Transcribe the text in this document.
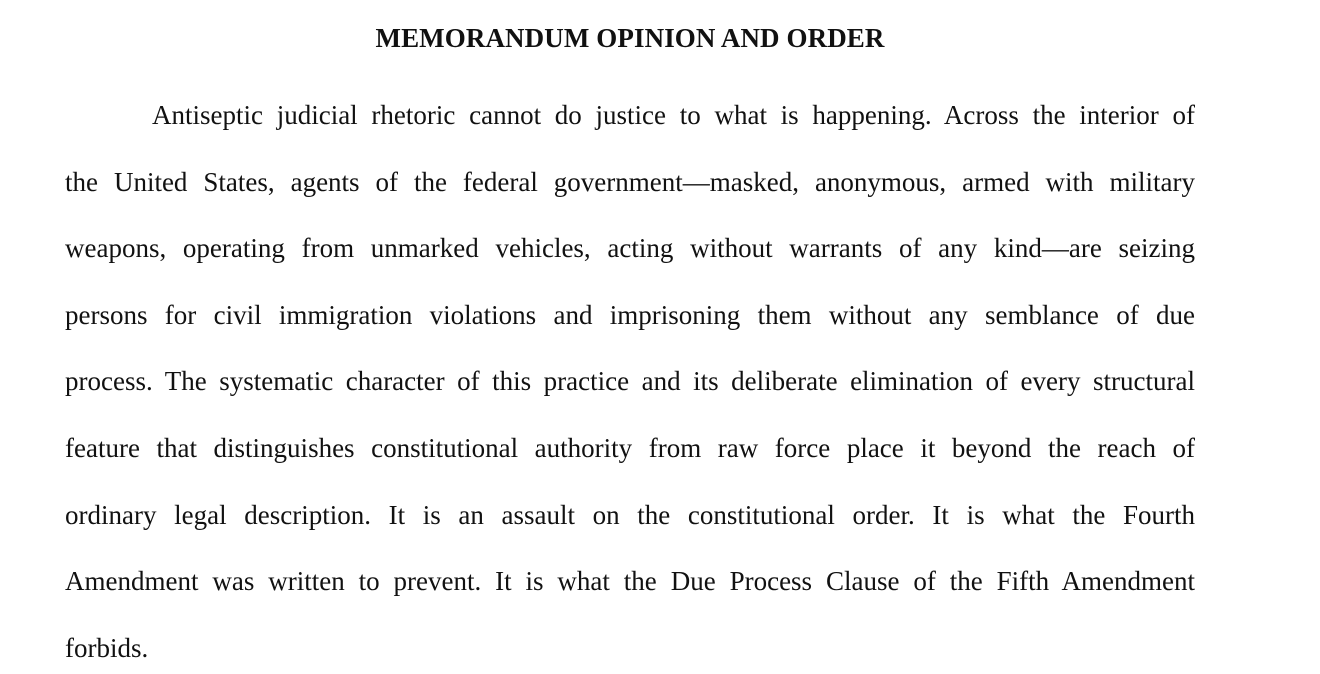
MEMORANDUM OPINION AND ORDER
Antiseptic judicial rhetoric cannot do justice to what is happening. Across the interior of
the United States, agents of the federal government—masked, anonymous, armed with military
weapons, operating from unmarked vehicles, acting without warrants of any kind—are seizing
persons for civil immigration violations and imprisoning them without any semblance of due
process. The systematic character of this practice and its deliberate elimination of every structural
feature that distinguishes constitutional authority from raw force place it beyond the reach of
ordinary legal description. It is an assault on the constitutional order. It is what the Fourth
Amendment was written to prevent. It is what the Due Process Clause of the Fifth Amendment
forbids.
